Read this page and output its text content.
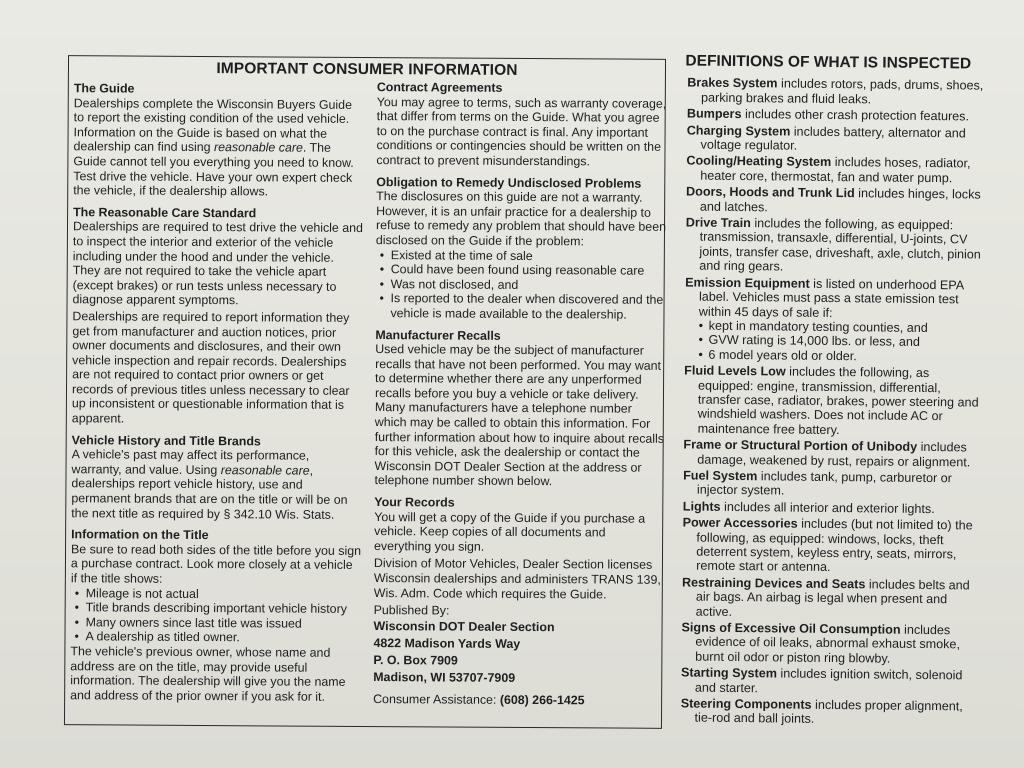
IMPORTANT CONSUMER INFORMATION

The Guide

Dealerships complete the Wisconsin Buyers Guide to report the existing condition of the used vehicle. Information on the Guide is based on what the dealership can find using reasonable care. The Guide cannot tell you everything you need to know. Test drive the vehicle. Have your own expert check the vehicle, if the dealership allows.

The Reasonable Care Standard

Dealerships are required to test drive the vehicle and to inspect the interior and exterior of the vehicle including under the hood and under the vehicle. They are not required to take the vehicle apart (except brakes) or run tests unless necessary to diagnose apparent symptoms.

Dealerships are required to report information they get from manufacturer and auction notices, prior owner documents and disclosures, and their own vehicle inspection and repair records. Dealerships are not required to contact prior owners or get records of previous titles unless necessary to clear up inconsistent or questionable information that is apparent.

Vehicle History and Title Brands

A vehicle's past may affect its performance, warranty, and value. Using reasonable care, dealerships report vehicle history, use and permanent brands that are on the title or will be on the next title as required by § 342.10 Wis. Stats.

Information on the Title

Be sure to read both sides of the title before you sign a purchase contract. Look more closely at a vehicle if the title shows:

• Mileage is not actual
• Title brands describing important vehicle history
• Many owners since last title was issued
• A dealership as titled owner.

The vehicle's previous owner, whose name and address are on the title, may provide useful information. The dealership will give you the name and address of the prior owner if you ask for it.

Contract Agreements

You may agree to terms, such as warranty coverage, that differ from terms on the Guide. What you agree to on the purchase contract is final. Any important conditions or contingencies should be written on the contract to prevent misunderstandings.

Obligation to Remedy Undisclosed Problems

The disclosures on this guide are not a warranty. However, it is an unfair practice for a dealership to refuse to remedy any problem that should have been disclosed on the Guide if the problem:

• Existed at the time of sale
• Could have been found using reasonable care
• Was not disclosed, and
• Is reported to the dealer when discovered and the vehicle is made available to the dealership.

Manufacturer Recalls

Used vehicle may be the subject of manufacturer recalls that have not been performed. You may want to determine whether there are any unperformed recalls before you buy a vehicle or take delivery. Many manufacturers have a telephone number which may be called to obtain this information. For further information about how to inquire about recalls for this vehicle, ask the dealership or contact the Wisconsin DOT Dealer Section at the address or telephone number shown below.

Your Records

You will get a copy of the Guide if you purchase a vehicle. Keep copies of all documents and everything you sign.

Division of Motor Vehicles, Dealer Section licenses Wisconsin dealerships and administers TRANS 139, Wis. Adm. Code which requires the Guide.

Published By:

Wisconsin DOT Dealer Section

4822 Madison Yards Way

P. O. Box 7909

Madison, WI 53707-7909

Consumer Assistance: (608) 266-1425

DEFINITIONS OF WHAT IS INSPECTED
Brakes System includes rotors, pads, drums, shoes, parking brakes and fluid leaks.
Bumpers includes other crash protection features.
Charging System includes battery, alternator and voltage regulator.
Cooling/Heating System includes hoses, radiator, heater core, thermostat, fan and water pump.
Doors, Hoods and Trunk Lid includes hinges, locks and latches.
Drive Train includes the following, as equipped: transmission, transaxle, differential, U-joints, CV joints, transfer case, driveshaft, axle, clutch, pinion and ring gears.
Emission Equipment is listed on underhood EPA label. Vehicles must pass a state emission test within 45 days of sale if:
• kept in mandatory testing counties, and
• GVW rating is 14,000 lbs. or less, and
• 6 model years old or older.
Fluid Levels Low includes the following, as equipped: engine, transmission, differential, transfer case, radiator, brakes, power steering and windshield washers. Does not include AC or maintenance free battery.
Frame or Structural Portion of Unibody includes damage, weakened by rust, repairs or alignment.
Fuel System includes tank, pump, carburetor or injector system.
Lights includes all interior and exterior lights.
Power Accessories includes (but not limited to) the following, as equipped: windows, locks, theft deterrent system, keyless entry, seats, mirrors, remote start or antenna.
Restraining Devices and Seats includes belts and air bags. An airbag is legal when present and active.
Signs of Excessive Oil Consumption includes evidence of oil leaks, abnormal exhaust smoke, burnt oil odor or piston ring blowby.
Starting System includes ignition switch, solenoid and starter.
Steering Components includes proper alignment, tie-rod and ball joints.
